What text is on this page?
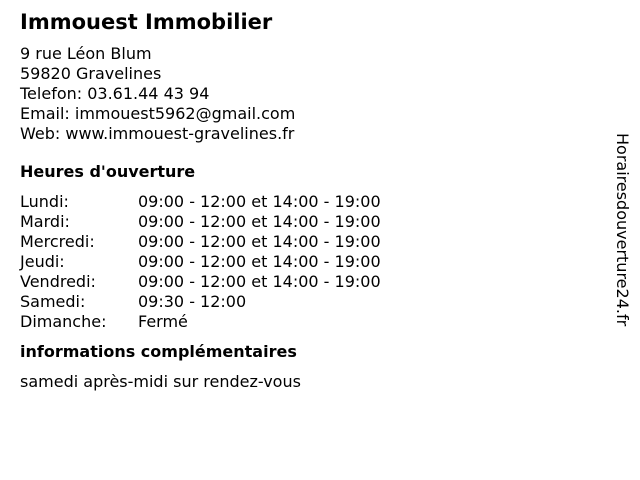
Immouest Immobilier
9 rue Léon Blum
59820 Gravelines
Telefon: 03.61.44 43 94
Email: immouest5962@gmail.com
Web: www.immouest-gravelines.fr
Heures d'ouverture
Lundi:	09:00 - 12:00 et 14:00 - 19:00
Mardi:	09:00 - 12:00 et 14:00 - 19:00
Mercredi:	09:00 - 12:00 et 14:00 - 19:00
Jeudi:	09:00 - 12:00 et 14:00 - 19:00
Vendredi:	09:00 - 12:00 et 14:00 - 19:00
Samedi:	09:30 - 12:00
Dimanche:	Fermé
informations complémentaires
samedi après-midi sur rendez-vous
Horairesdouverture24.fr
